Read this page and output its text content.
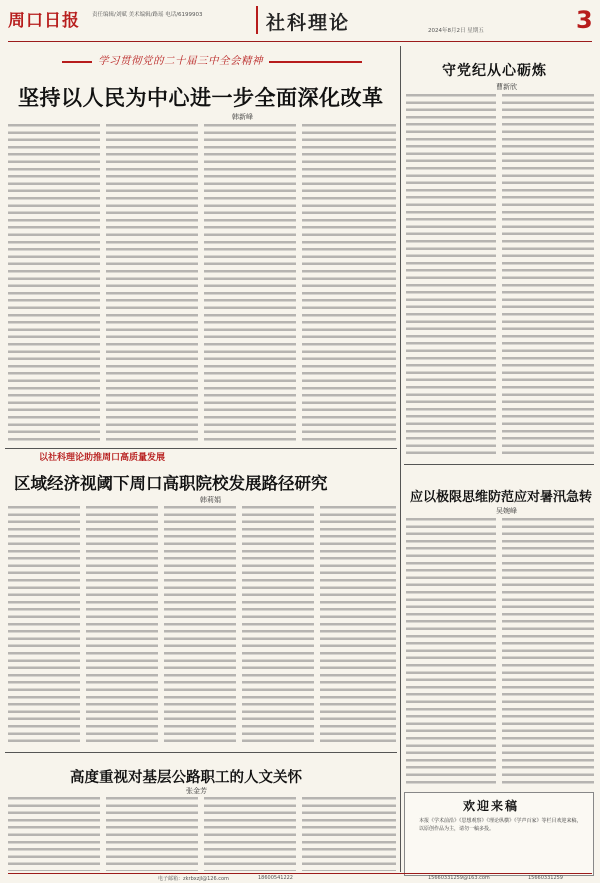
周口日报 责任编辑/刘赋 美术编辑/路瑶 电话/6199903	社科理论	2024年8月2日 星期五	3
学习贯彻党的二十届三中全会精神
坚持以人民为中心进一步全面深化改革
韩新峰
守党纪从心砺炼
曹新欣
应以极限思维防范应对暑汛急转
吴婉峰
以社科理论助推周口高质量发展
区域经济视阈下周口高职院校发展路径研究
韩莉娟
高度重视对基层公路职工的人文关怀
张金芳
欢迎来稿
本报《学术前沿》《思想观察》《理论纵横》《学声百家》等栏目欢迎来稿，以原创作品为主，请勿一稿多投。
电子邮箱：zkrbxzjl@126.com	15660331259@163.com
18600541222	15660331259
